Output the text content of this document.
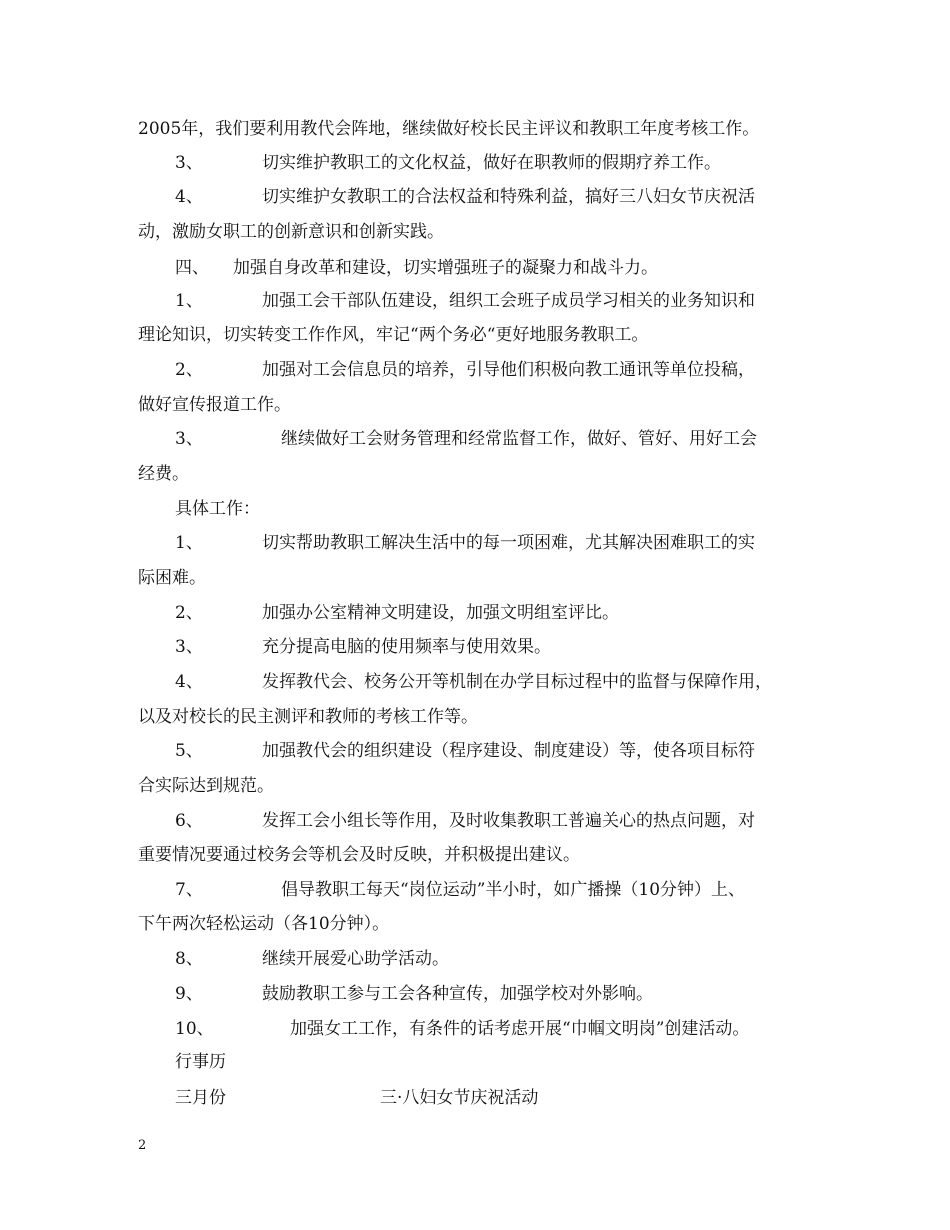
2005年，我们要利用教代会阵地，继续做好校长民主评议和教职工年度考核工作。
3、	切实维护教职工的文化权益，做好在职教师的假期疗养工作。
4、	切实维护女教职工的合法权益和特殊利益，搞好三八妇女节庆祝活
动，激励女职工的创新意识和创新实践。
四、 加强自身改革和建设，切实增强班子的凝聚力和战斗力。
1、	加强工会干部队伍建设，组织工会班子成员学习相关的业务知识和
理论知识，切实转变工作作风，牢记“两个务必“更好地服务教职工。
2、	加强对工会信息员的培养，引导他们积极向教工通讯等单位投稿，
做好宣传报道工作。
3、	继续做好工会财务管理和经常监督工作，做好、管好、用好工会
经费。
具体工作：
1、	切实帮助教职工解决生活中的每一项困难，尤其解决困难职工的实
际困难。
2、	加强办公室精神文明建设，加强文明组室评比。
3、	充分提高电脑的使用频率与使用效果。
4、	发挥教代会、校务公开等机制在办学目标过程中的监督与保障作用，
以及对校长的民主测评和教师的考核工作等。
5、	加强教代会的组织建设（程序建设、制度建设）等，使各项目标符
合实际达到规范。
6、	发挥工会小组长等作用，及时收集教职工普遍关心的热点问题，对
重要情况要通过校务会等机会及时反映，并积极提出建议。
7、	倡导教职工每天“岗位运动”半小时，如广播操（10分钟）上、
下午两次轻松运动（各10分钟）。
8、	继续开展爱心助学活动。
9、	鼓励教职工参与工会各种宣传，加强学校对外影响。
10、	加强女工工作，有条件的话考虑开展“巾帼文明岗”创建活动。
行事历
三月份	三·八妇女节庆祝活动
2
